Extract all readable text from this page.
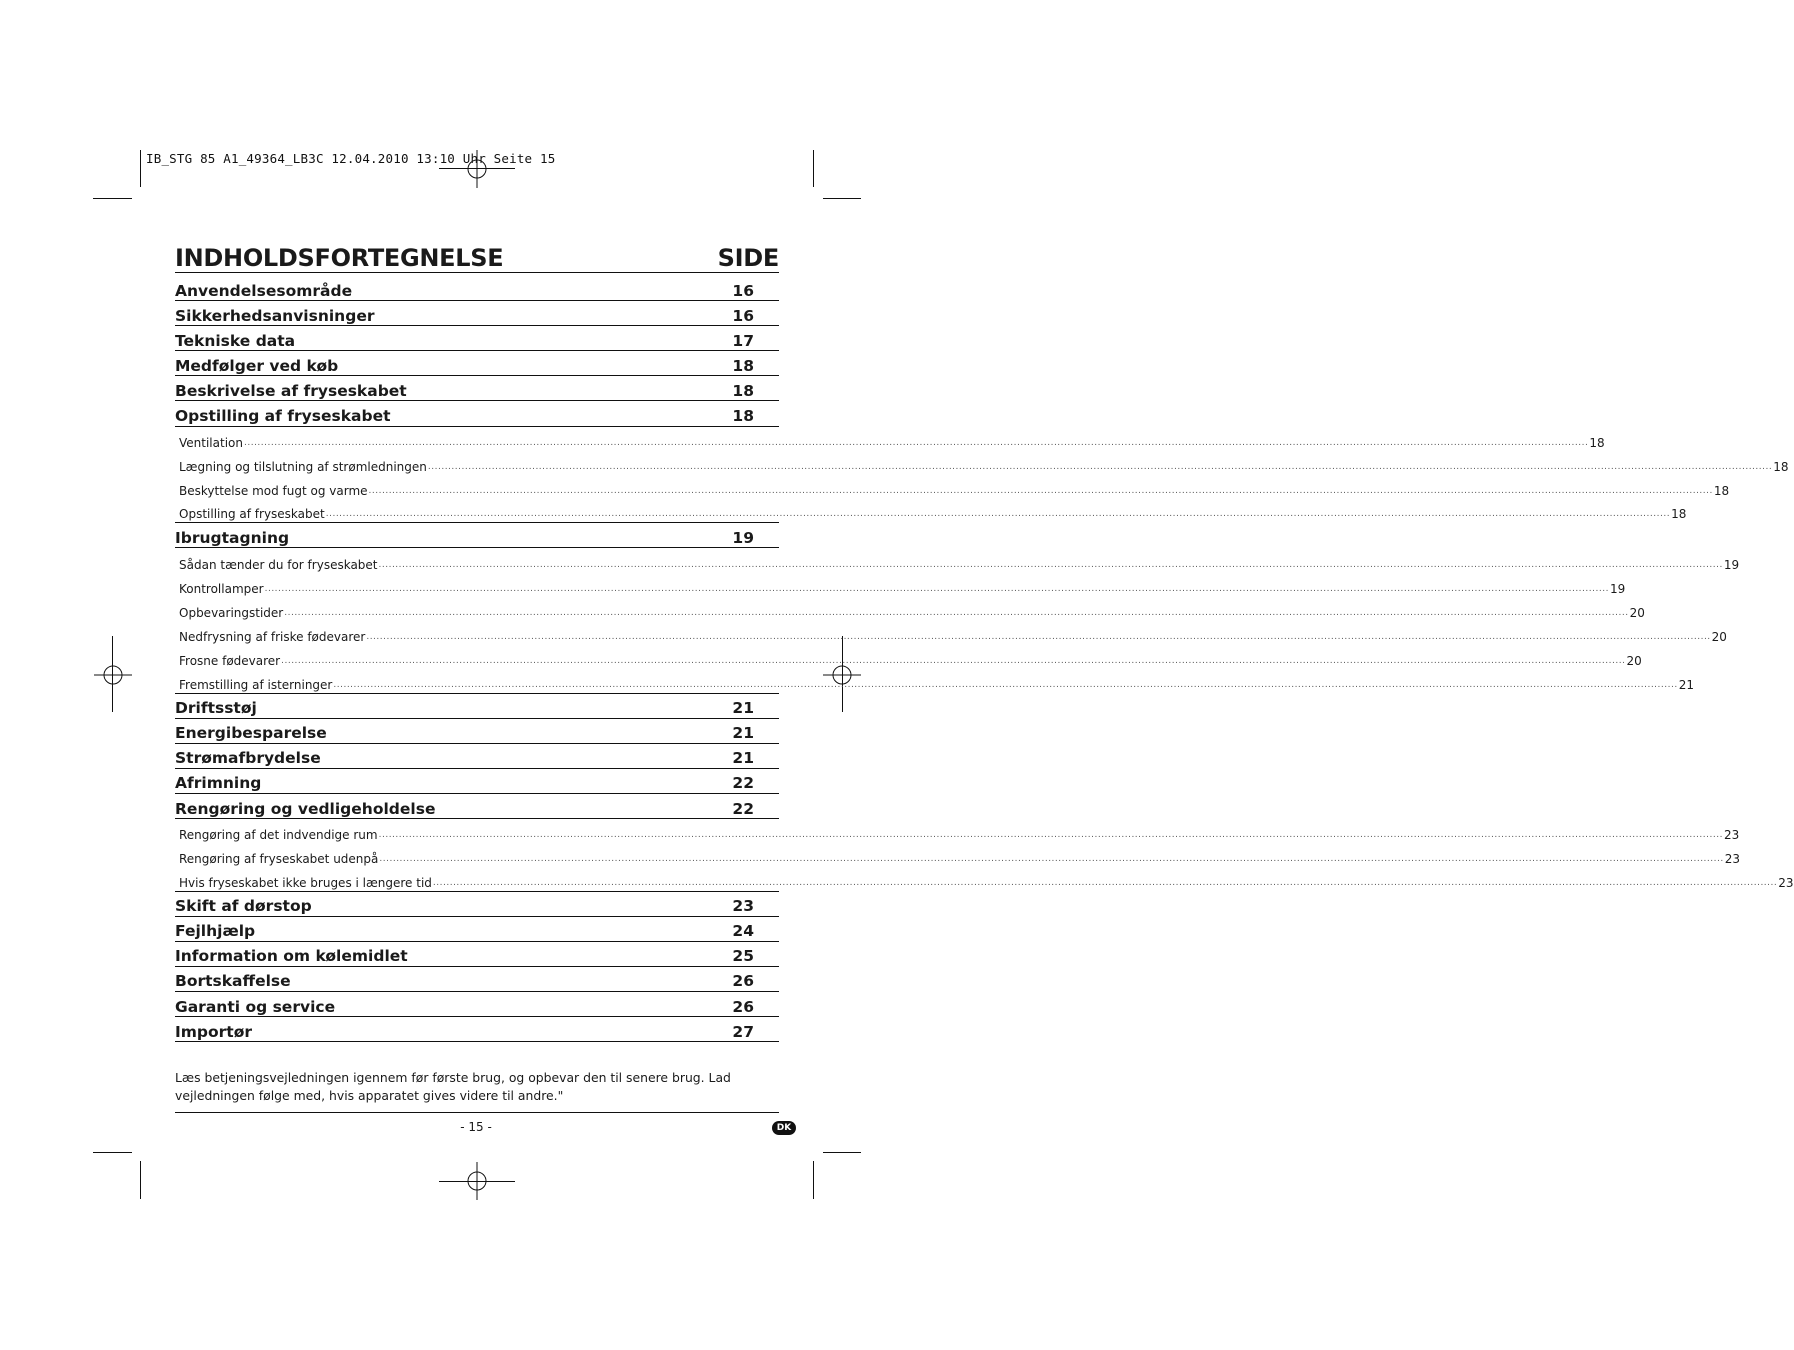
IB_STG 85 A1_49364_LB3C 12.04.2010 13:10 Uhr Seite 15
INDHOLDSFORTEGNELSE	SIDE
Anvendelsesområde	16
Sikkerhedsanvisninger	16
Tekniske data	17
Medfølger ved køb	18
Beskrivelse af fryseskabet	18
Opstilling af fryseskabet	18
Ventilation ................................................................................................................................................................................................................................................................................................................................................................................................................ 18
Lægning og tilslutning af strømledningen ................................................................................................................................................................................................................................................................................................................................................................................................................ 18
Beskyttelse mod fugt og varme ................................................................................................................................................................................................................................................................................................................................................................................................................ 18
Opstilling af fryseskabet ................................................................................................................................................................................................................................................................................................................................................................................................................ 18
Ibrugtagning	19
Sådan tænder du for fryseskabet ................................................................................................................................................................................................................................................................................................................................................................................................................ 19
Kontrollamper ................................................................................................................................................................................................................................................................................................................................................................................................................ 19
Opbevaringstider ................................................................................................................................................................................................................................................................................................................................................................................................................ 20
Nedfrysning af friske fødevarer ................................................................................................................................................................................................................................................................................................................................................................................................................ 20
Frosne fødevarer ................................................................................................................................................................................................................................................................................................................................................................................................................ 20
Fremstilling af isterninger ................................................................................................................................................................................................................................................................................................................................................................................................................ 21
Driftsstøj	21
Energibesparelse	21
Strømafbrydelse	21
Afrimning	22
Rengøring og vedligeholdelse	22
Rengøring af det indvendige rum ................................................................................................................................................................................................................................................................................................................................................................................................................ 23
Rengøring af fryseskabet udenpå ................................................................................................................................................................................................................................................................................................................................................................................................................ 23
Hvis fryseskabet ikke bruges i længere tid ................................................................................................................................................................................................................................................................................................................................................................................................................ 23
Skift af dørstop	23
Fejlhjælp	24
Information om kølemidlet	25
Bortskaffelse	26
Garanti og service	26
Importør	27
Læs betjeningsvejledningen igennem før første brug, og opbevar den til senere brug. Lad vejledningen følge med, hvis apparatet gives videre til andre."
- 15 -	DK
